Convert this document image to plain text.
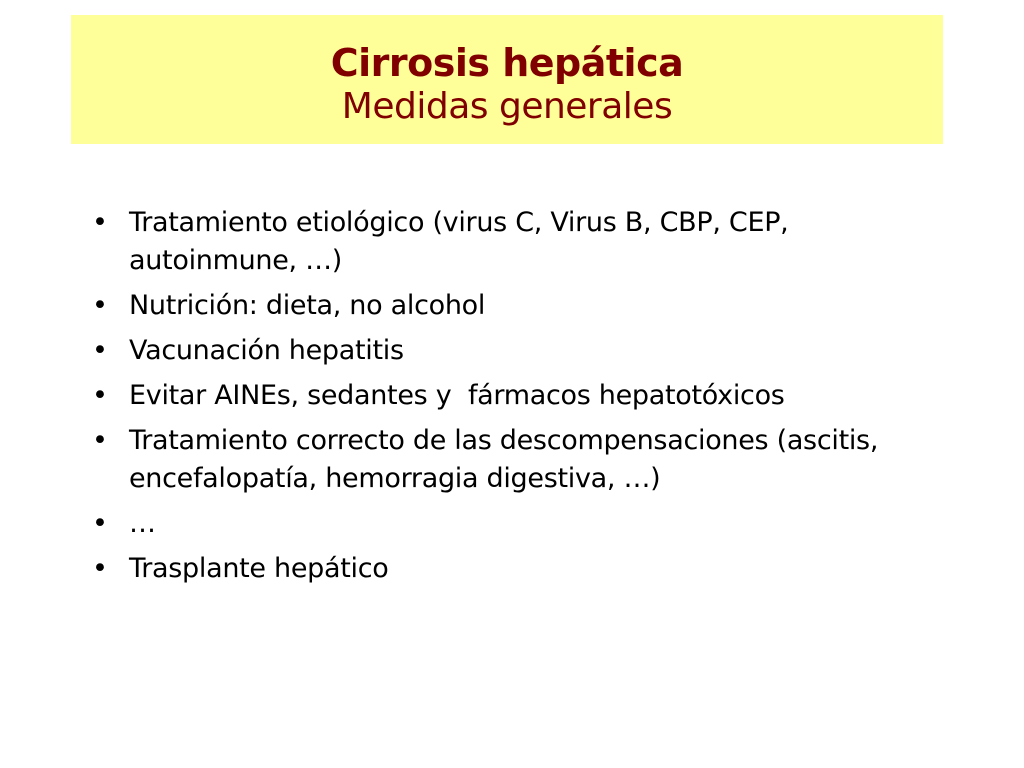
Cirrosis hepática
Medidas generales
• Tratamiento etiológico (virus C, Virus B, CBP, CEP, autoinmune, …)
• Nutrición: dieta, no alcohol
• Vacunación hepatitis
• Evitar AINEs, sedantes y  fármacos hepatotóxicos
• Tratamiento correcto de las descompensaciones (ascitis, encefalopatía, hemorragia digestiva, …)
• …
• Trasplante hepático
